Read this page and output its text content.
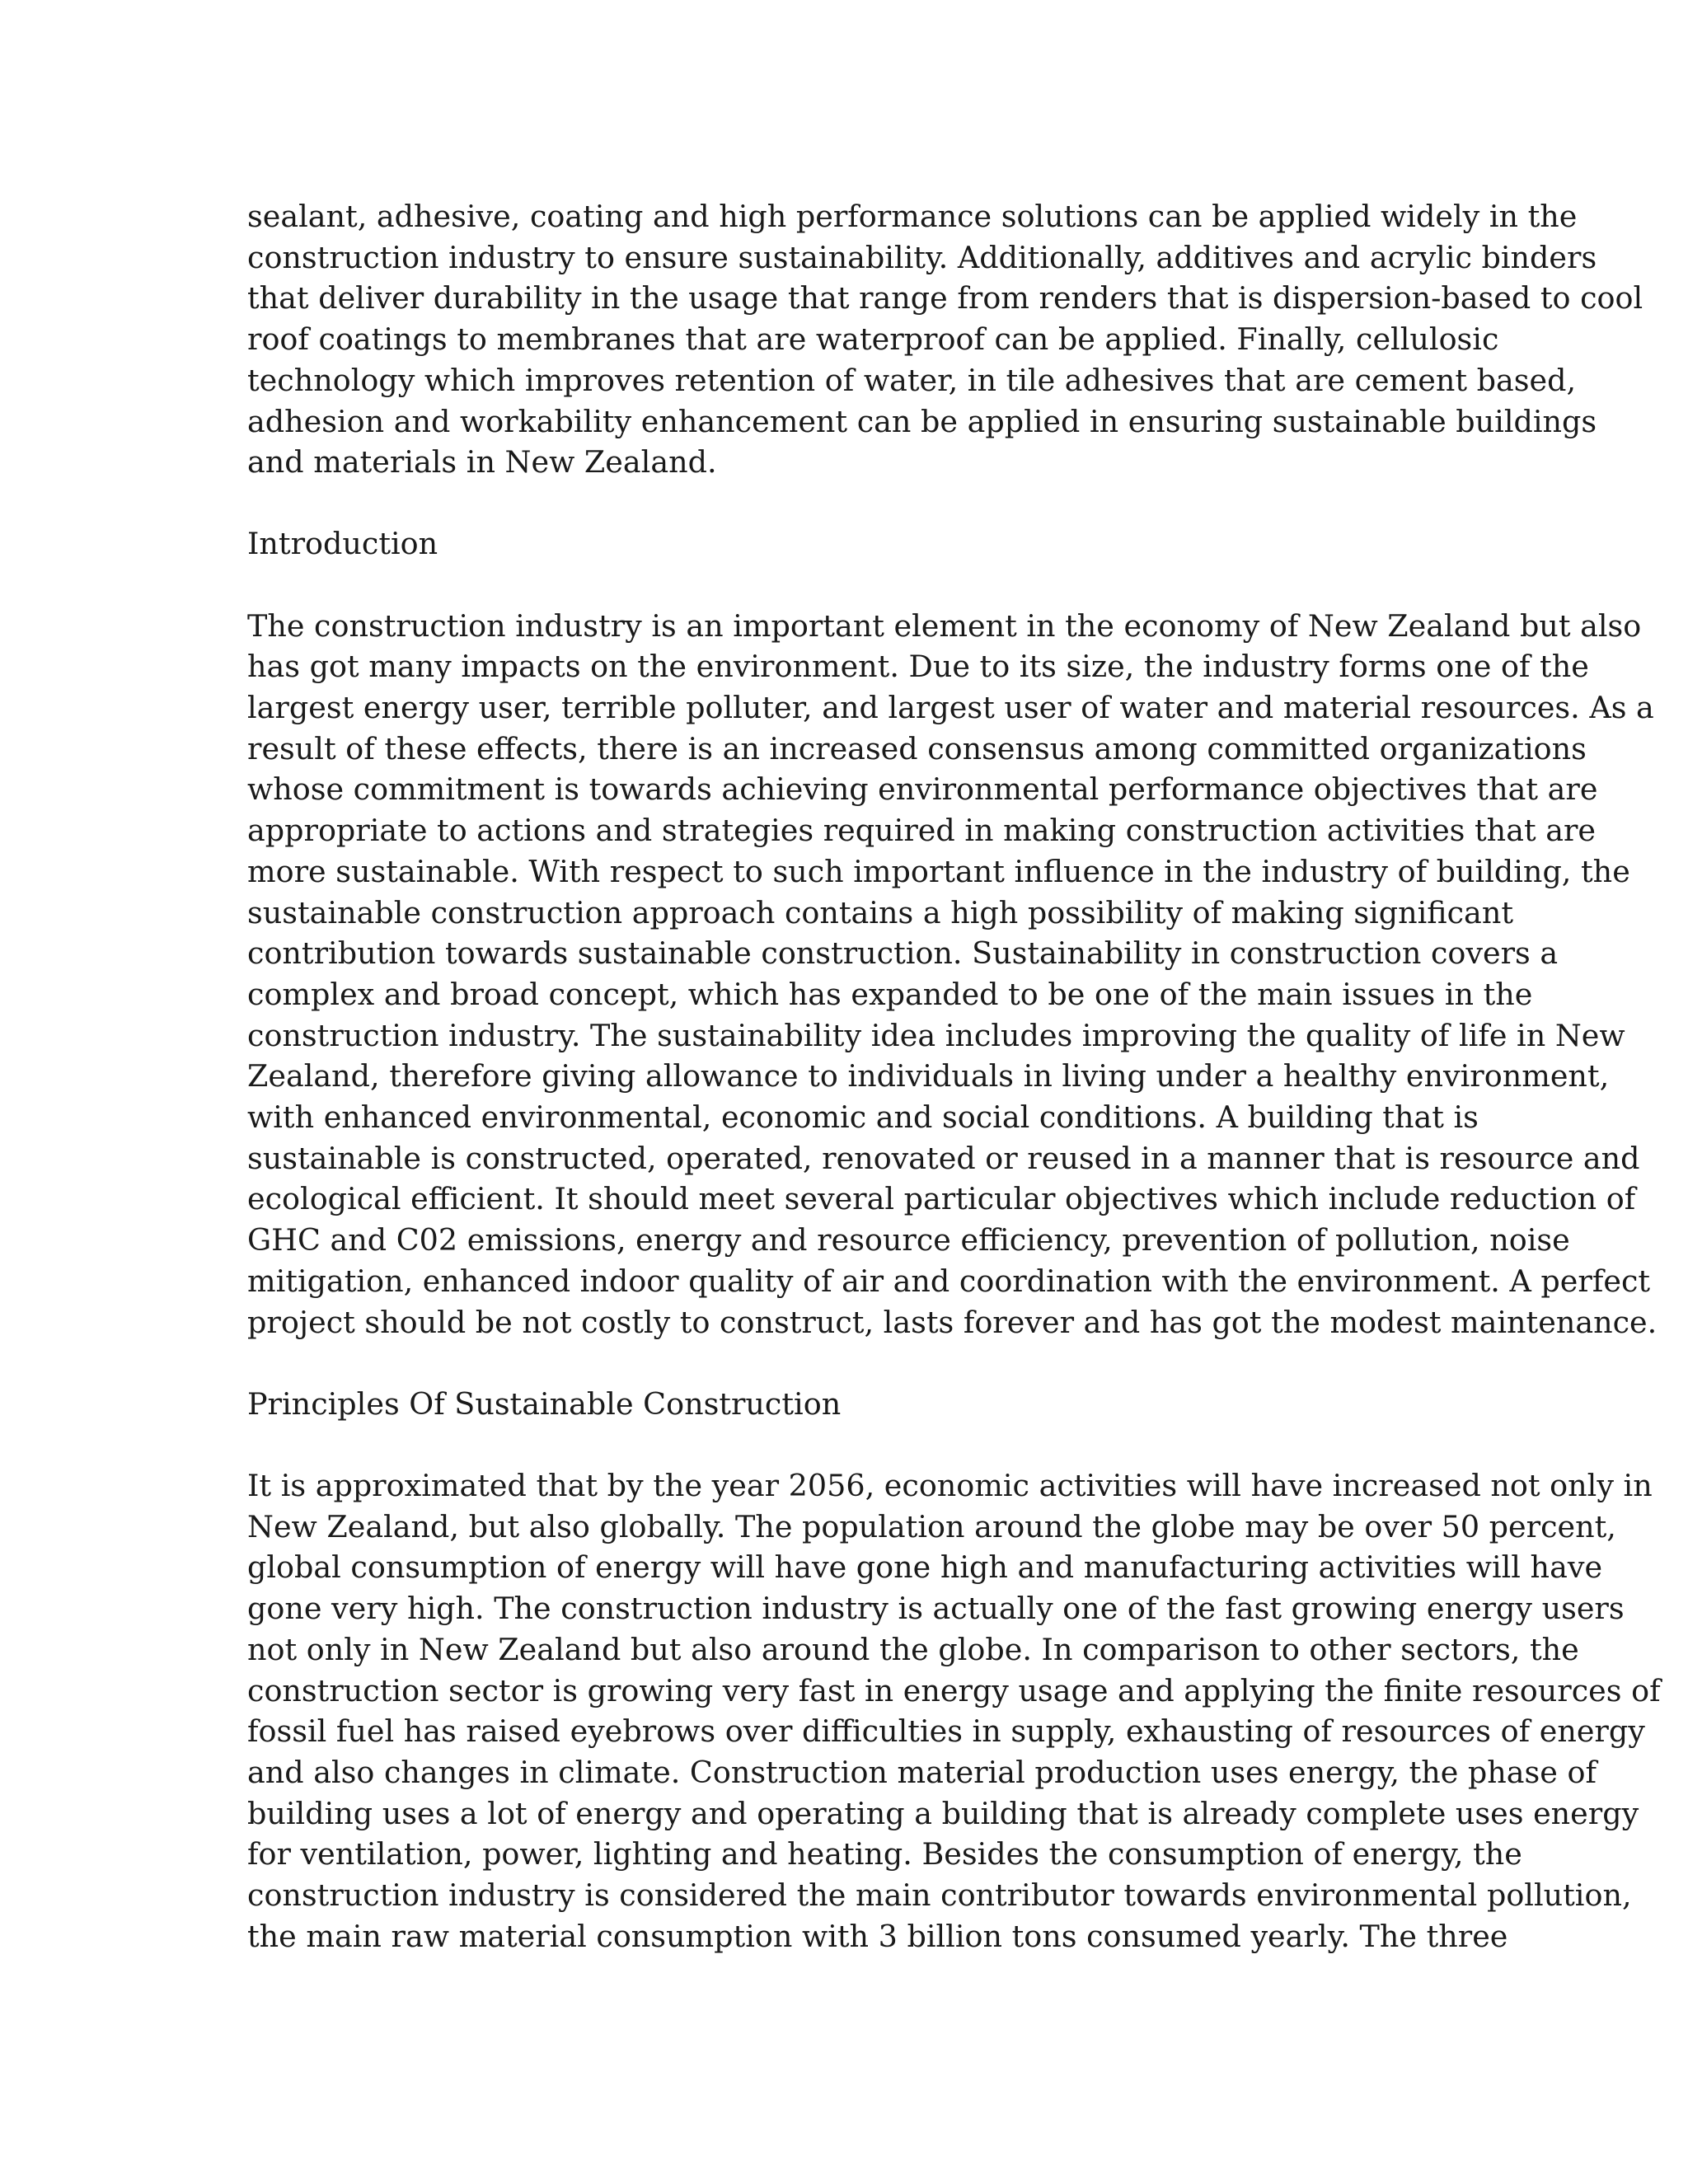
sealant, adhesive, coating and high performance solutions can be applied widely in the
construction industry to ensure sustainability. Additionally, additives and acrylic binders
that deliver durability in the usage that range from renders that is dispersion-based to cool
roof coatings to membranes that are waterproof can be applied. Finally, cellulosic
technology which improves retention of water, in tile adhesives that are cement based,
adhesion and workability enhancement can be applied in ensuring sustainable buildings
and materials in New Zealand.
Introduction
The construction industry is an important element in the economy of New Zealand but also
has got many impacts on the environment. Due to its size, the industry forms one of the
largest energy user, terrible polluter, and largest user of water and material resources. As a
result of these effects, there is an increased consensus among committed organizations
whose commitment is towards achieving environmental performance objectives that are
appropriate to actions and strategies required in making construction activities that are
more sustainable. With respect to such important influence in the industry of building, the
sustainable construction approach contains a high possibility of making significant
contribution towards sustainable construction. Sustainability in construction covers a
complex and broad concept, which has expanded to be one of the main issues in the
construction industry. The sustainability idea includes improving the quality of life in New
Zealand, therefore giving allowance to individuals in living under a healthy environment,
with enhanced environmental, economic and social conditions. A building that is
sustainable is constructed, operated, renovated or reused in a manner that is resource and
ecological efficient. It should meet several particular objectives which include reduction of
GHC and C02 emissions, energy and resource efficiency, prevention of pollution, noise
mitigation, enhanced indoor quality of air and coordination with the environment. A perfect
project should be not costly to construct, lasts forever and has got the modest maintenance.
Principles Of Sustainable Construction
It is approximated that by the year 2056, economic activities will have increased not only in
New Zealand, but also globally. The population around the globe may be over 50 percent,
global consumption of energy will have gone high and manufacturing activities will have
gone very high. The construction industry is actually one of the fast growing energy users
not only in New Zealand but also around the globe. In comparison to other sectors, the
construction sector is growing very fast in energy usage and applying the finite resources of
fossil fuel has raised eyebrows over difficulties in supply, exhausting of resources of energy
and also changes in climate. Construction material production uses energy, the phase of
building uses a lot of energy and operating a building that is already complete uses energy
for ventilation, power, lighting and heating. Besides the consumption of energy, the
construction industry is considered the main contributor towards environmental pollution,
the main raw material consumption with 3 billion tons consumed yearly. The three
